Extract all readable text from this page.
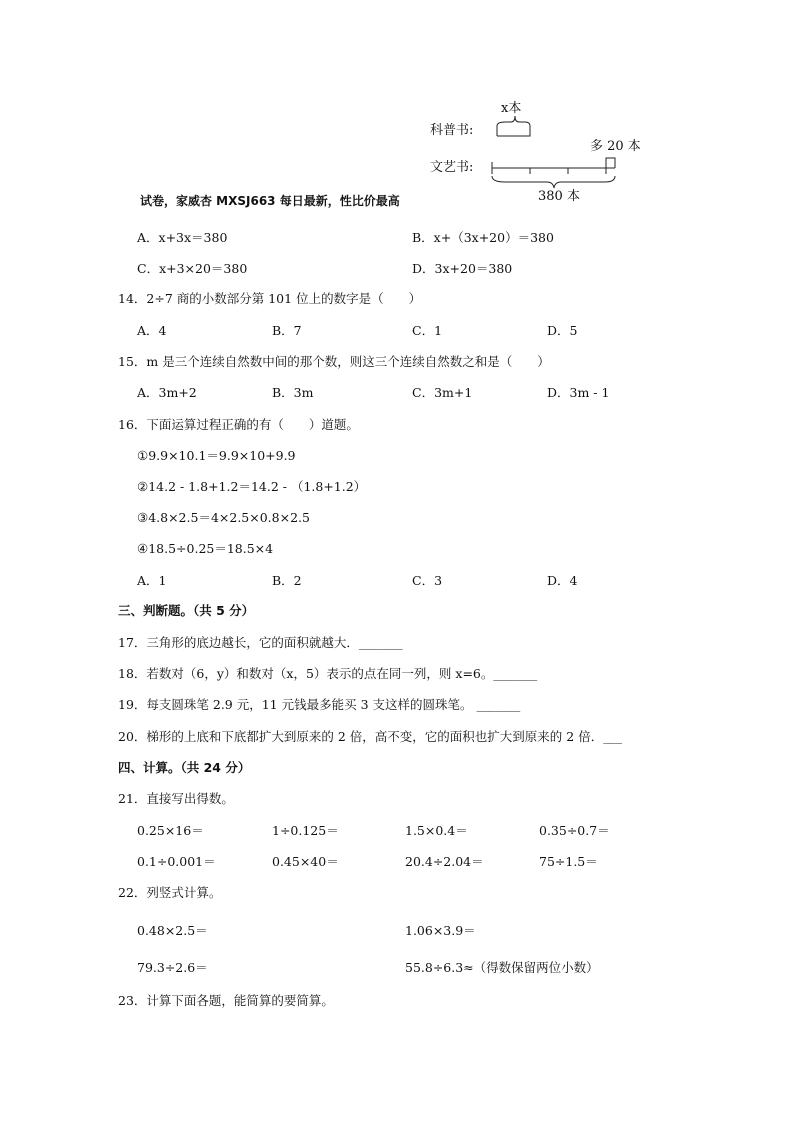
科普书:
x本
文艺书:
多 20 本
380 本
试卷，家威杏 MXSJ663 每日最新，性比价最高
A．x+3x＝380	B．x+（3x+20）＝380
C．x+3×20＝380	D．3x+20＝380
14．2÷7 商的小数部分第 101 位上的数字是（　　）
A．4	B．7	C．1	D．5
15．m 是三个连续自然数中间的那个数，则这三个连续自然数之和是（　　）
A．3m+2	B．3m	C．3m+1	D．3m - 1
16．下面运算过程正确的有（　　）道题。
①9.9×10.1＝9.9×10+9.9
②14.2 - 1.8+1.2＝14.2 - （1.8+1.2）
③4.8×2.5＝4×2.5×0.8×2.5
④18.5÷0.25＝18.5×4
A．1	B．2	C．3	D．4
三、判断题。（共 5 分）
17．三角形的底边越长，它的面积就越大．_______
18．若数对（6，y）和数对（x，5）表示的点在同一列，则 x=6。_______
19．每支圆珠笔 2.9 元，11 元钱最多能买 3 支这样的圆珠笔。 _______
20．梯形的上底和下底都扩大到原来的 2 倍，高不变，它的面积也扩大到原来的 2 倍．___
四、计算。（共 24 分）
21．直接写出得数。
0.25×16＝	1÷0.125＝	1.5×0.4＝	0.35÷0.7＝
0.1÷0.001＝	0.45×40＝	20.4÷2.04＝	75÷1.5＝
22．列竖式计算。
0.48×2.5＝	1.06×3.9＝
79.3÷2.6＝	55.8÷6.3≈（得数保留两位小数）
23．计算下面各题，能简算的要简算。
